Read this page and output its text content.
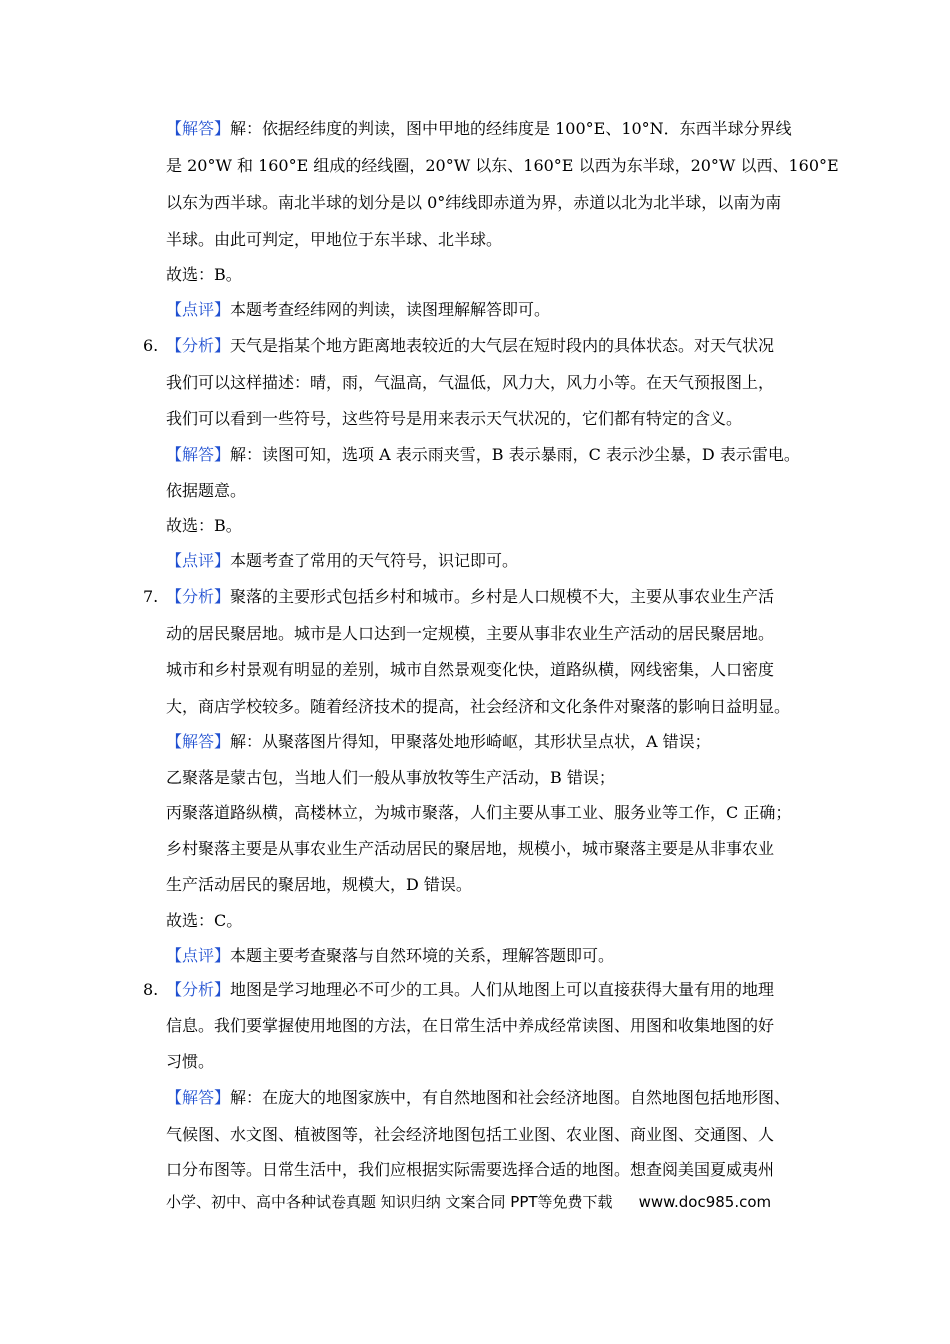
【解答】解：依据经纬度的判读，图中甲地的经纬度是 100°E、10°N．东西半球分界线
是 20°W 和 160°E 组成的经线圈，20°W 以东、160°E 以西为东半球，20°W 以西、160°E
以东为西半球。南北半球的划分是以 0°纬线即赤道为界，赤道以北为北半球，以南为南
半球。由此可判定，甲地位于东半球、北半球。
故选：B。
【点评】本题考查经纬网的判读，读图理解解答即可。
6. 【分析】天气是指某个地方距离地表较近的大气层在短时段内的具体状态。对天气状况
我们可以这样描述：晴，雨，气温高，气温低，风力大，风力小等。在天气预报图上，
我们可以看到一些符号，这些符号是用来表示天气状况的，它们都有特定的含义。
【解答】解：读图可知，选项 A 表示雨夹雪，B 表示暴雨，C 表示沙尘暴，D 表示雷电。
依据题意。
故选：B。
【点评】本题考查了常用的天气符号，识记即可。
7. 【分析】聚落的主要形式包括乡村和城市。乡村是人口规模不大，主要从事农业生产活
动的居民聚居地。城市是人口达到一定规模，主要从事非农业生产活动的居民聚居地。
城市和乡村景观有明显的差别，城市自然景观变化快，道路纵横，网线密集，人口密度
大，商店学校较多。随着经济技术的提高，社会经济和文化条件对聚落的影响日益明显。
【解答】解：从聚落图片得知，甲聚落处地形崎岖，其形状呈点状，A 错误；
乙聚落是蒙古包，当地人们一般从事放牧等生产活动，B 错误；
丙聚落道路纵横，高楼林立，为城市聚落，人们主要从事工业、服务业等工作，C 正确；
乡村聚落主要是从事农业生产活动居民的聚居地，规模小，城市聚落主要是从非事农业
生产活动居民的聚居地，规模大，D 错误。
故选：C。
【点评】本题主要考查聚落与自然环境的关系，理解答题即可。
8. 【分析】地图是学习地理必不可少的工具。人们从地图上可以直接获得大量有用的地理
信息。我们要掌握使用地图的方法，在日常生活中养成经常读图、用图和收集地图的好
习惯。
【解答】解：在庞大的地图家族中，有自然地图和社会经济地图。自然地图包括地形图、
气候图、水文图、植被图等，社会经济地图包括工业图、农业图、商业图、交通图、人
口分布图等。日常生活中，我们应根据实际需要选择合适的地图。想查阅美国夏威夷州
小学、初中、高中各种试卷真题 知识归纳 文案合同 PPT等免费下载 www.doc985.com
